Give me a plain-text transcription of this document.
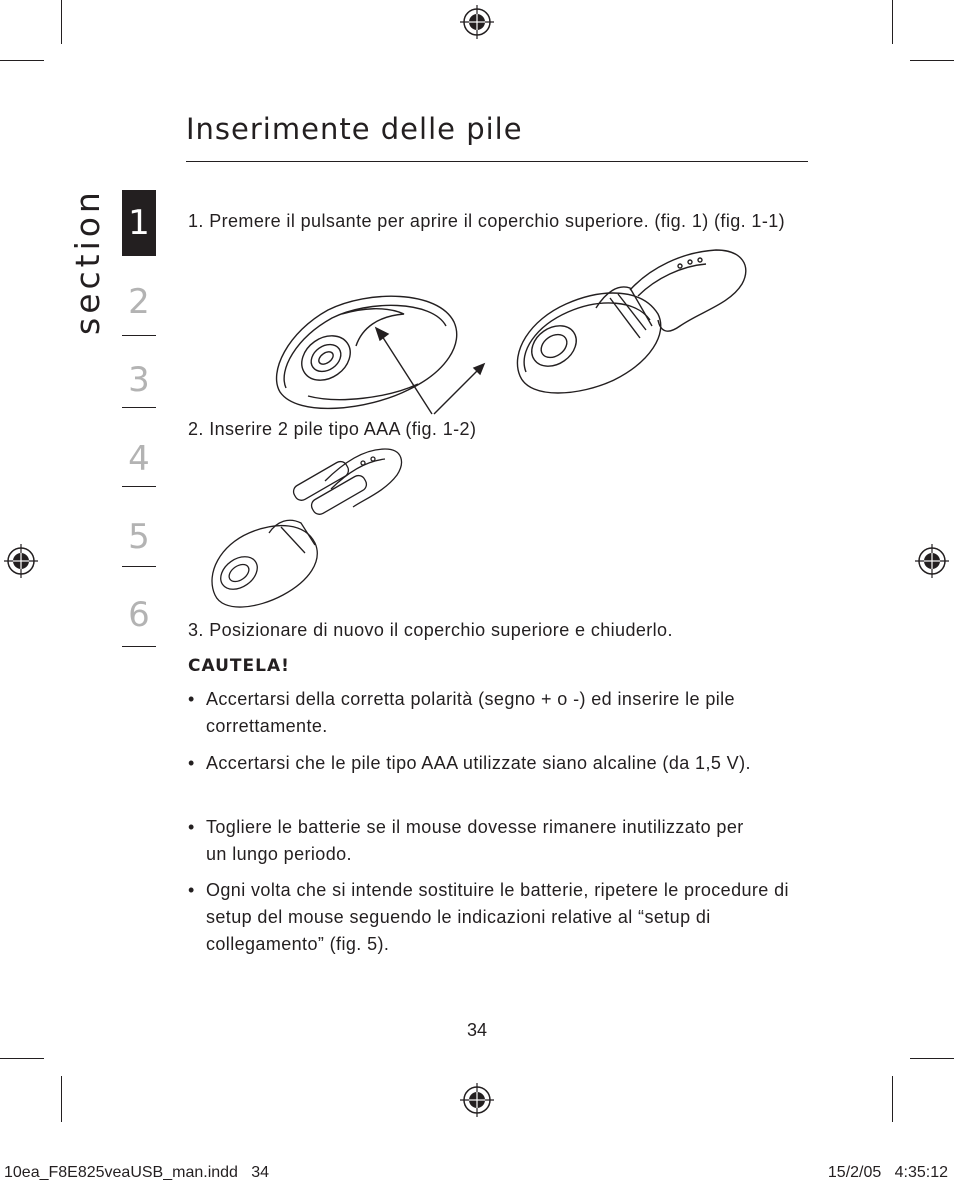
Inserimente delle pile
section 1
2
3
4
5
6
1. Premere il pulsante per aprire il coperchio superiore. (fig. 1) (fig. 1-1)
2. Inserire 2 pile tipo AAA (fig. 1-2)
3. Posizionare di nuovo il coperchio superiore e chiuderlo.
CAUTELA!
• Accertarsi della corretta polarità (segno + o -) ed inserire le pile correttamente.
• Accertarsi che le pile tipo AAA utilizzate siano alcaline (da 1,5 V).
• Togliere le batterie se il mouse dovesse rimanere inutilizzato per un lungo periodo.
• Ogni volta che si intende sostituire le batterie, ripetere le procedure di setup del mouse seguendo le indicazioni relative al “setup di collegamento” (fig. 5).
34
10ea_F8E825veaUSB_man.indd   34	15/2/05   4:35:12
